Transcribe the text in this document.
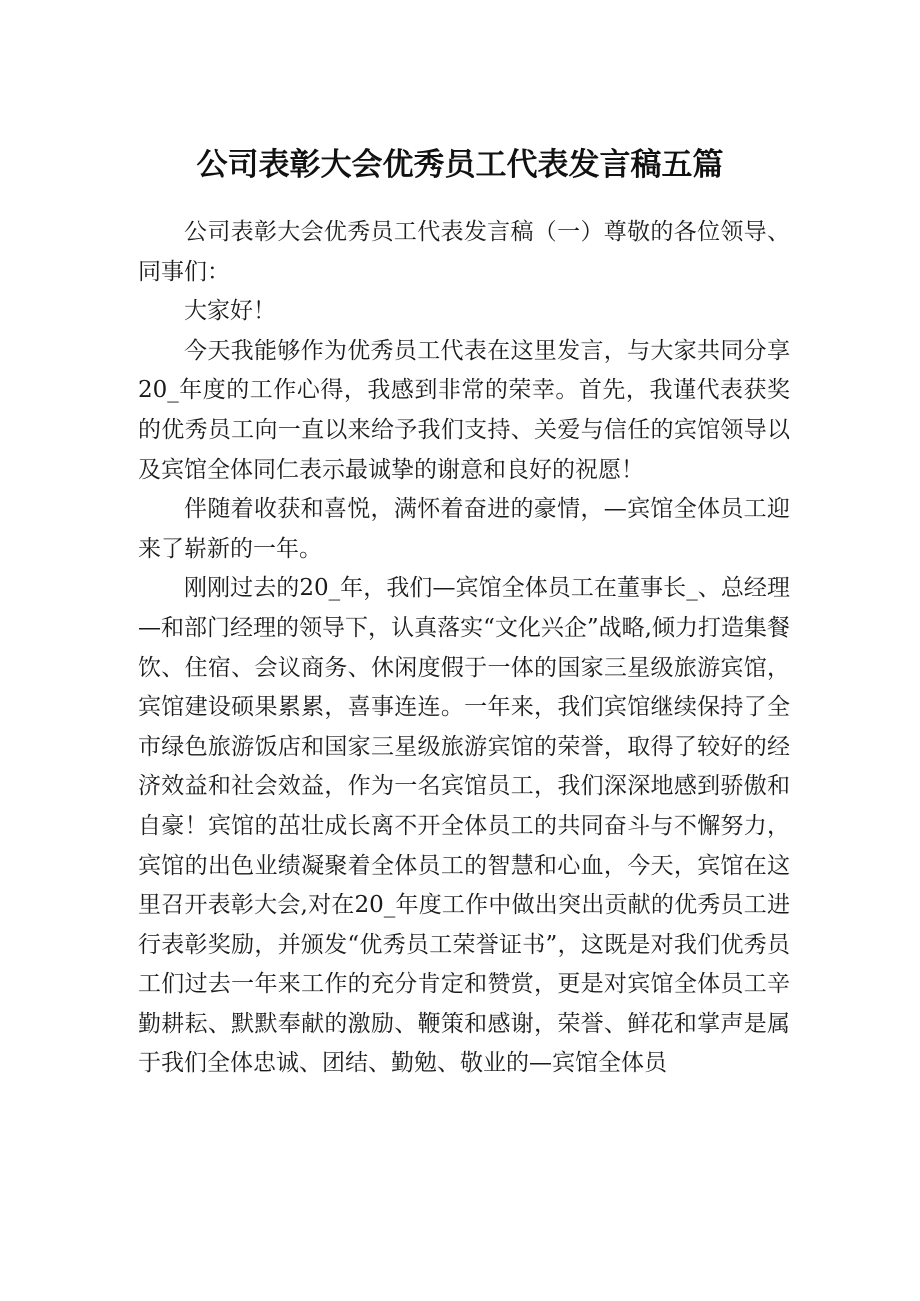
公司表彰大会优秀员工代表发言稿五篇

公司表彰大会优秀员工代表发言稿（一）尊敬的各位领导、同事们：

大家好！

今天我能够作为优秀员工代表在这里发言，与大家共同分享20_年度的工作心得，我感到非常的荣幸。首先，我谨代表获奖的优秀员工向一直以来给予我们支持、关爱与信任的宾馆领导以及宾馆全体同仁表示最诚挚的谢意和良好的祝愿！

伴随着收获和喜悦，满怀着奋进的豪情，—宾馆全体员工迎来了崭新的一年。

刚刚过去的20_年，我们—宾馆全体员工在董事长_、总经理—和部门经理的领导下，认真落实“文化兴企”战略,倾力打造集餐饮、住宿、会议商务、休闲度假于一体的国家三星级旅游宾馆，宾馆建设硕果累累，喜事连连。一年来，我们宾馆继续保持了全市绿色旅游饭店和国家三星级旅游宾馆的荣誉，取得了较好的经济效益和社会效益，作为一名宾馆员工，我们深深地感到骄傲和自豪！宾馆的茁壮成长离不开全体员工的共同奋斗与不懈努力，宾馆的出色业绩凝聚着全体员工的智慧和心血，今天，宾馆在这里召开表彰大会,对在20_年度工作中做出突出贡献的优秀员工进行表彰奖励，并颁发“优秀员工荣誉证书”，这既是对我们优秀员工们过去一年来工作的充分肯定和赞赏，更是对宾馆全体员工辛勤耕耘、默默奉献的激励、鞭策和感谢，荣誉、鲜花和掌声是属于我们全体忠诚、团结、勤勉、敬业的—宾馆全体员
